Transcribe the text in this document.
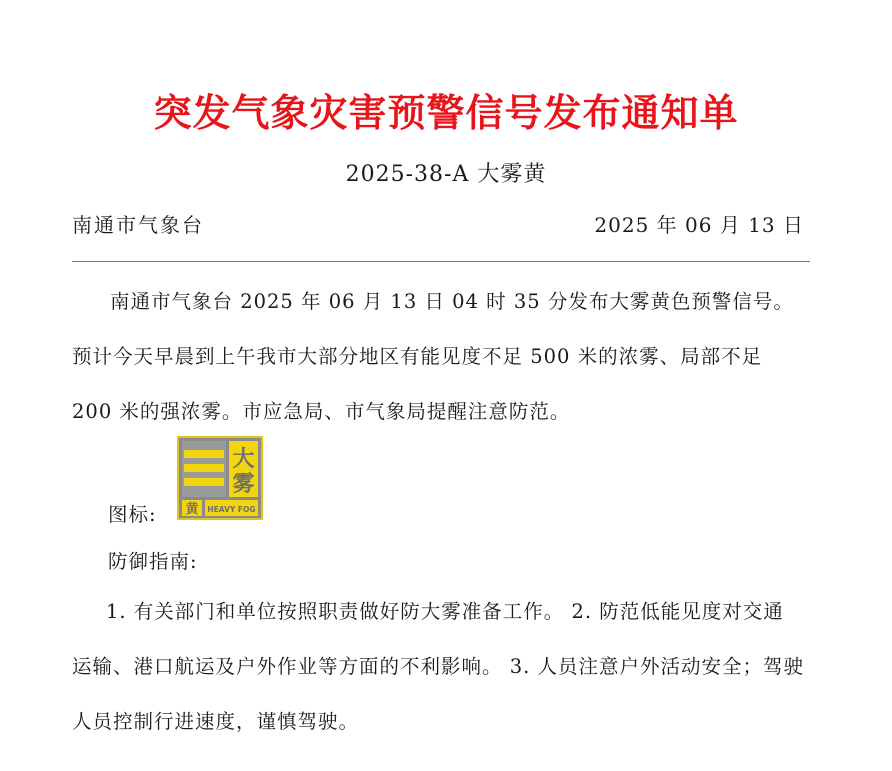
突发气象灾害预警信号发布通知单
2025-38-A 大雾黄
南通市气象台	2025 年 06 月 13 日

南通市气象台 2025 年 06 月 13 日 04 时 35 分发布大雾黄色预警信号。预计今天早晨到上午我市大部分地区有能见度不足 500 米的浓雾、局部不足 200 米的强浓雾。市应急局、市气象局提醒注意防范。

图标:
大
雾
黄 HEAVY FOG
防御指南:

1. 有关部门和单位按照职责做好防大雾准备工作。 2. 防范低能见度对交通运输、港口航运及户外作业等方面的不利影响。 3. 人员注意户外活动安全；驾驶人员控制行进速度，谨慎驾驶。
